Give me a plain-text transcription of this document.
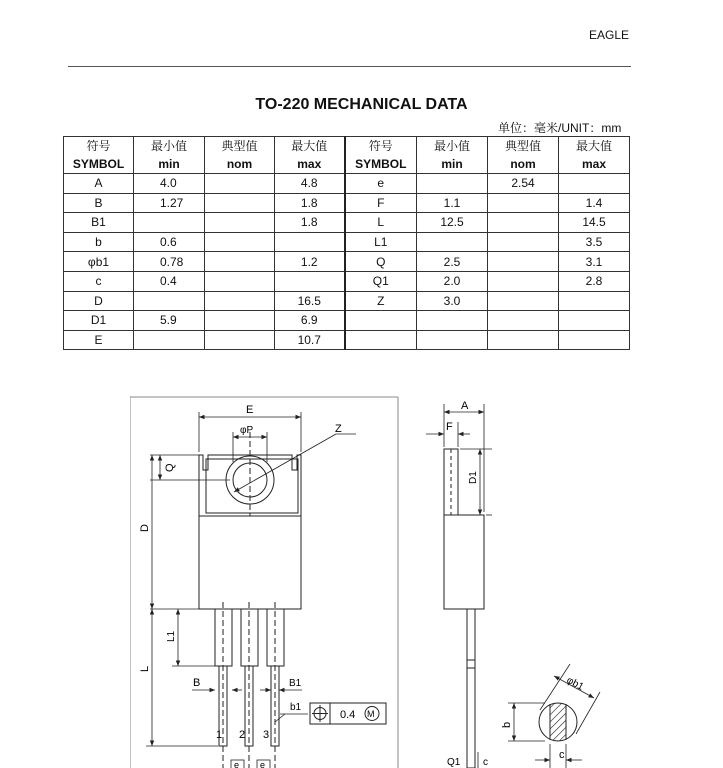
EAGLE
TO-220 MECHANICAL DATA
单位：毫米/UNIT：mm
符号	最小值	典型值	最大值	符号	最小值	典型值	最大值
SYMBOL	min	nom	max	SYMBOL	min	nom	max
A	4.0		4.8	e		2.54	
B	1.27		1.8	F	1.1		1.4
B1			1.8	L	12.5		14.5
b	0.6			L1			3.5
φb1	0.78		1.2	Q	2.5		3.1
c	0.4			Q1	2.0		2.8
D			16.5	Z	3.0		
D1	5.9		6.9				
E			10.7				
E
φP	Z
Q
D
L1
L
B	B1
b1
0.4 M
1 2 3
e e
A
F
D1
Q1 c
φb1
b
c
